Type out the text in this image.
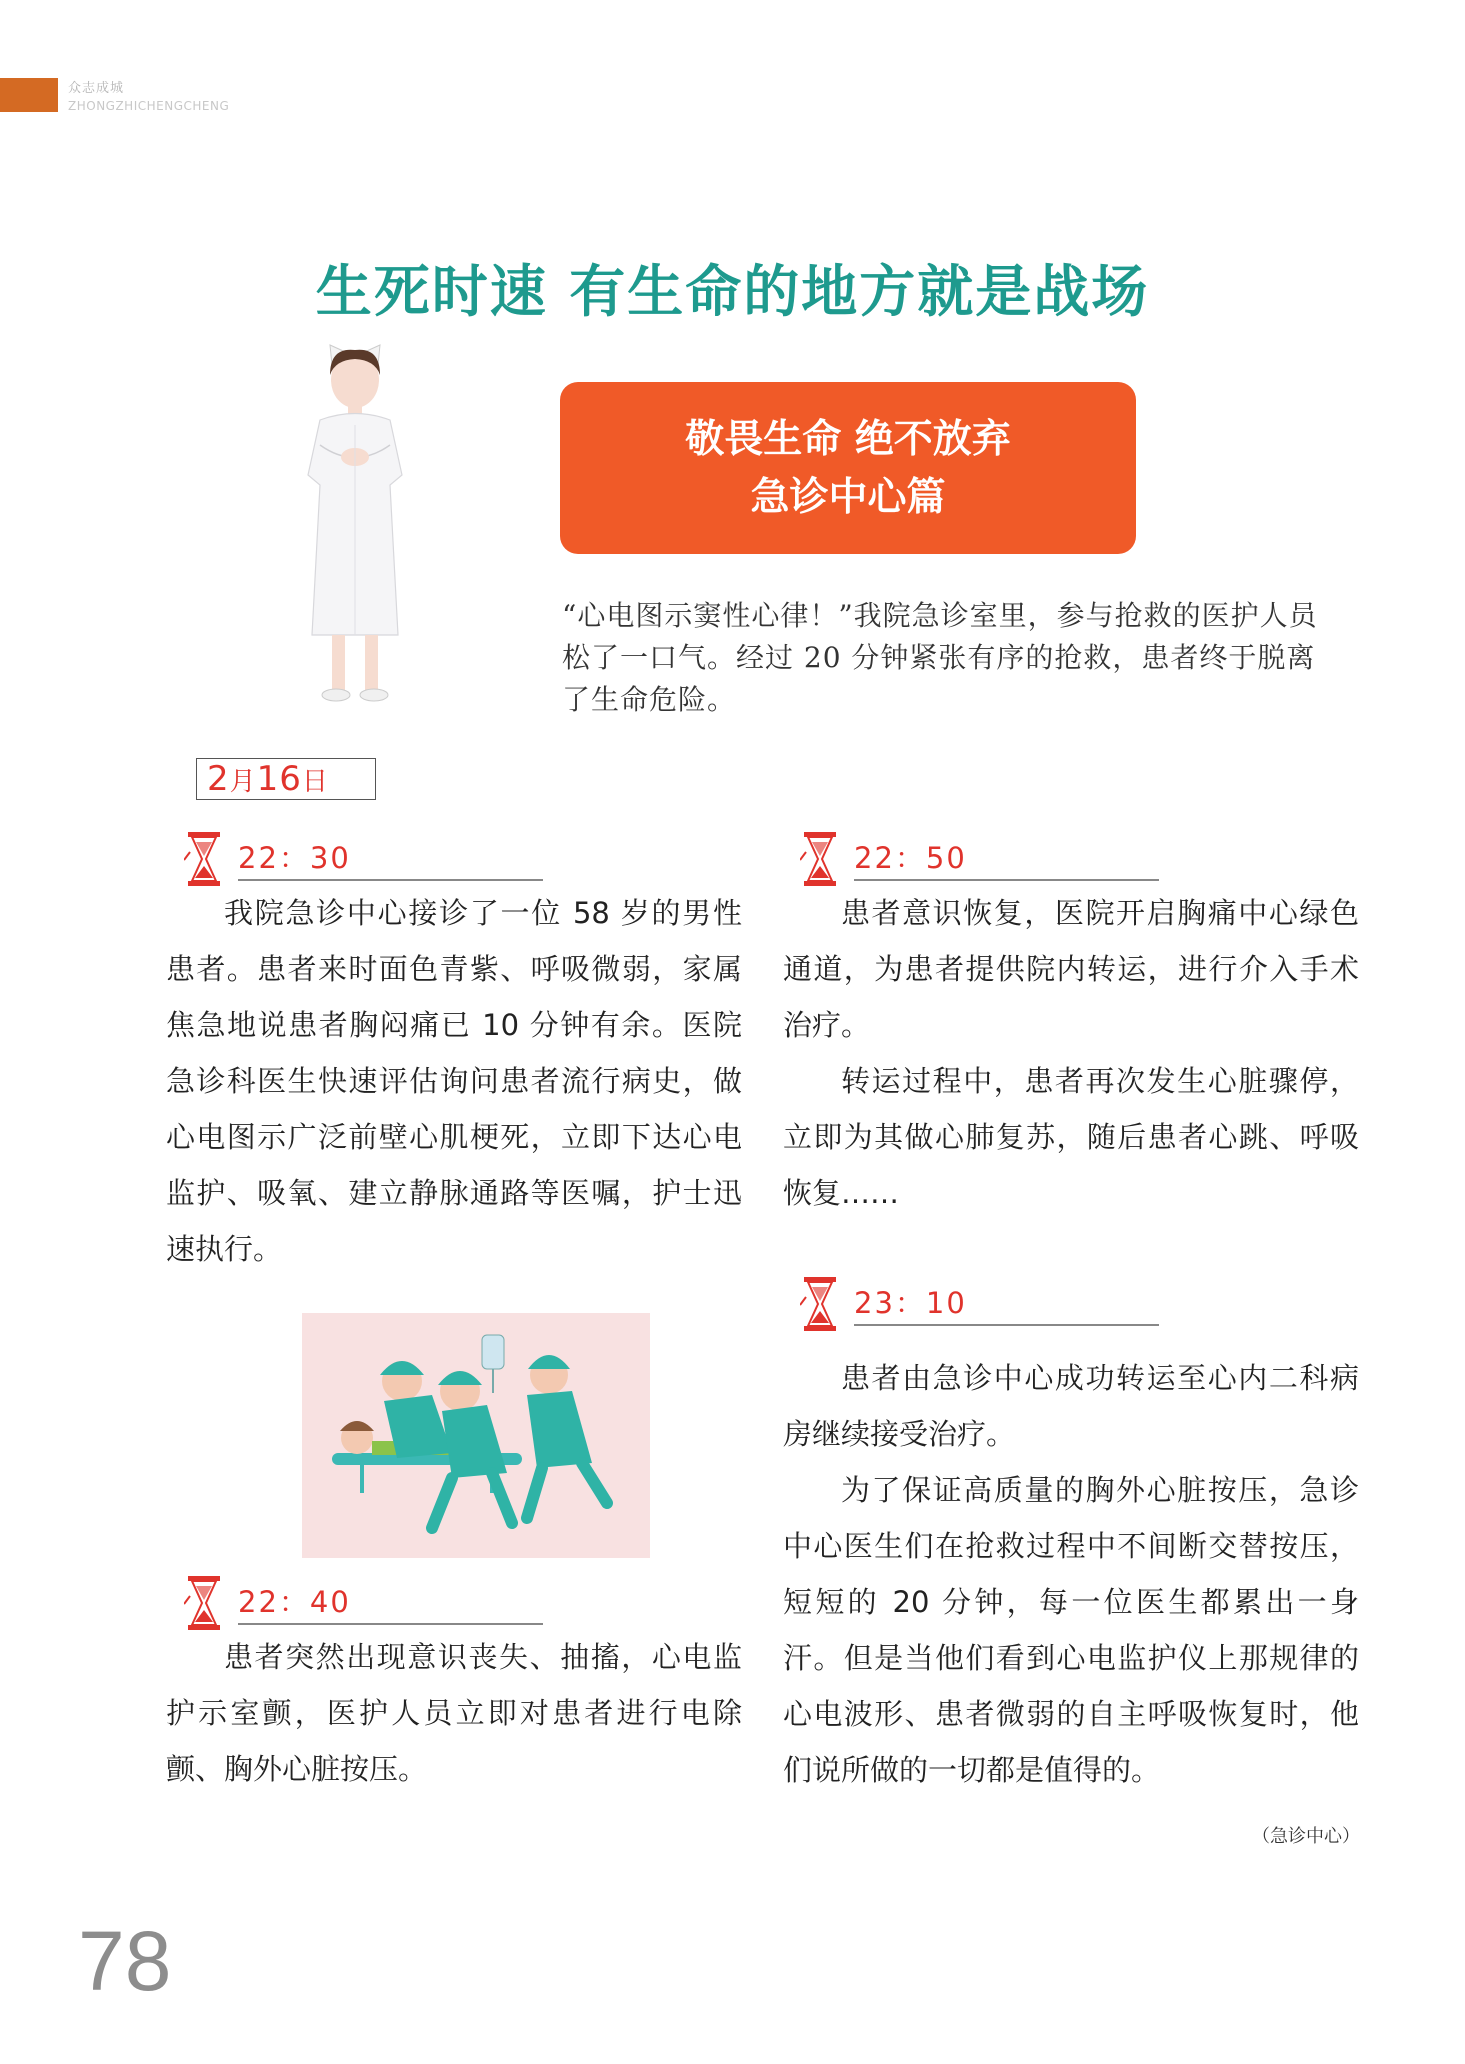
众志成城
ZHONGZHICHENGCHENG
生死时速 有生命的地方就是战场
敬畏生命 绝不放弃
急诊中心篇
“心电图示窦性心律！”我院急诊室里，参与抢救的医护人员松了一口气。经过 20 分钟紧张有序的抢救，患者终于脱离了生命危险。
2月16日
22：30

我院急诊中心接诊了一位 58 岁的男性患者。患者来时面色青紫、呼吸微弱，家属焦急地说患者胸闷痛已 10 分钟有余。医院急诊科医生快速评估询问患者流行病史，做心电图示广泛前壁心肌梗死，立即下达心电监护、吸氧、建立静脉通路等医嘱，护士迅速执行。

22：40

患者突然出现意识丧失、抽搐，心电监护示室颤，医护人员立即对患者进行电除颤、胸外心脏按压。

22：50

患者意识恢复，医院开启胸痛中心绿色通道，为患者提供院内转运，进行介入手术治疗。

转运过程中，患者再次发生心脏骤停，立即为其做心肺复苏，随后患者心跳、呼吸恢复……

23：10

患者由急诊中心成功转运至心内二科病房继续接受治疗。

为了保证高质量的胸外心脏按压，急诊中心医生们在抢救过程中不间断交替按压，短短的 20 分钟，每一位医生都累出一身汗。但是当他们看到心电监护仪上那规律的心电波形、患者微弱的自主呼吸恢复时，他们说所做的一切都是值得的。

（急诊中心）
78
